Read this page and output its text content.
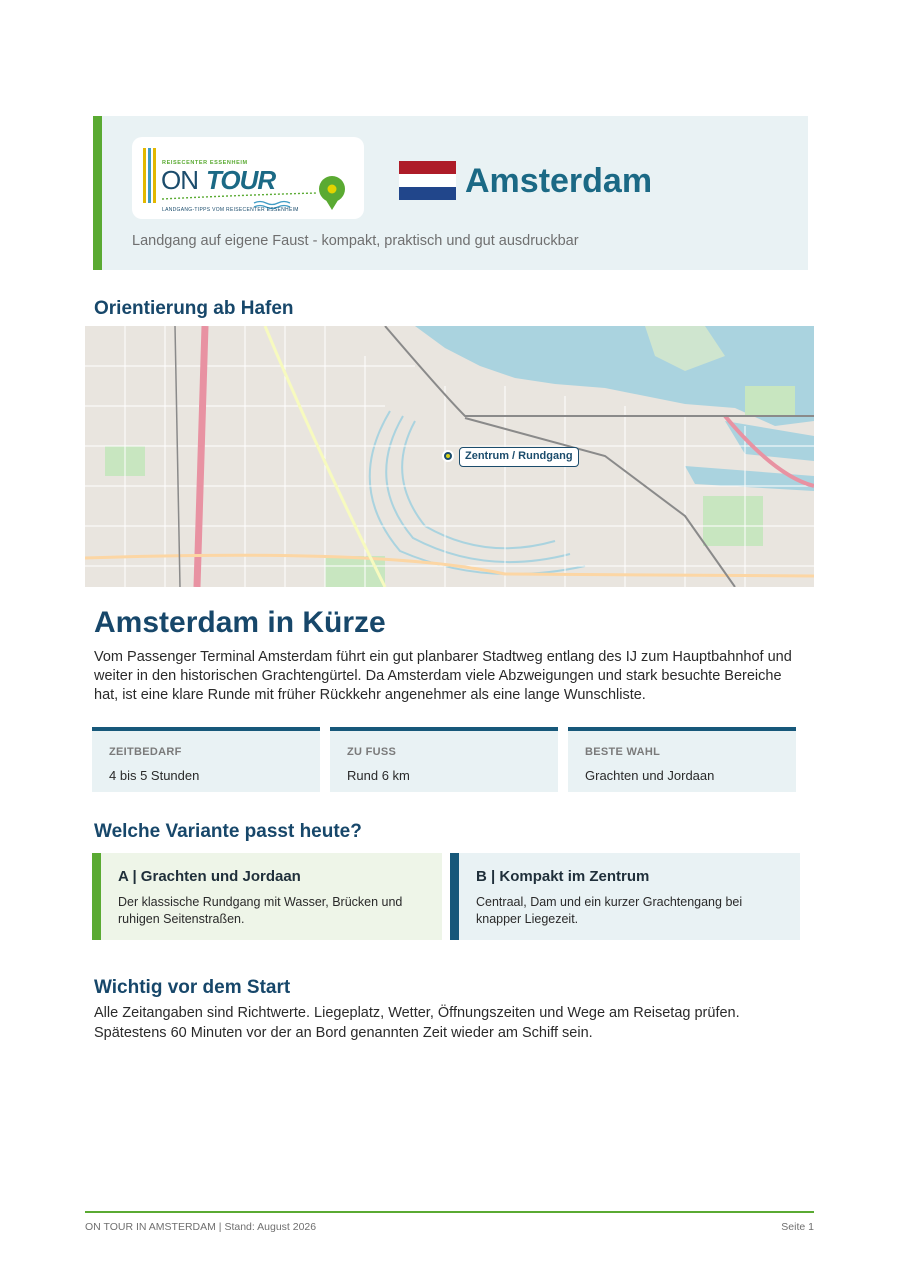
REISECENTER ESSENHEIM
ON TOUR
LANDGANG-TIPPS VOM REISECENTER ESSENHEIM
Amsterdam
Landgang auf eigene Faust - kompakt, praktisch und gut ausdruckbar
Orientierung ab Hafen
Zentrum / Rundgang
Amsterdam in Kürze

Vom Passenger Terminal Amsterdam führt ein gut planbarer Stadtweg entlang des IJ zum Hauptbahnhof und weiter in den historischen Grachtengürtel. Da Amsterdam viele Abzweigungen und stark besuchte Bereiche hat, ist eine klare Runde mit früher Rückkehr angenehmer als eine lange Wunschliste.

ZEITBEDARF
4 bis 5 Stunden
ZU FUSS
Rund 6 km
BESTE WAHL
Grachten und Jordaan
Welche Variante passt heute?
A | Grachten und Jordaan
Der klassische Rundgang mit Wasser, Brücken und ruhigen Seitenstraßen.
B | Kompakt im Zentrum
Centraal, Dam und ein kurzer Grachtengang bei knapper Liegezeit.
Wichtig vor dem Start

Alle Zeitangaben sind Richtwerte. Liegeplatz, Wetter, Öffnungszeiten und Wege am Reisetag prüfen. Spätestens 60 Minuten vor der an Bord genannten Zeit wieder am Schiff sein.

ON TOUR IN AMSTERDAM | Stand: August 2026	Seite 1
